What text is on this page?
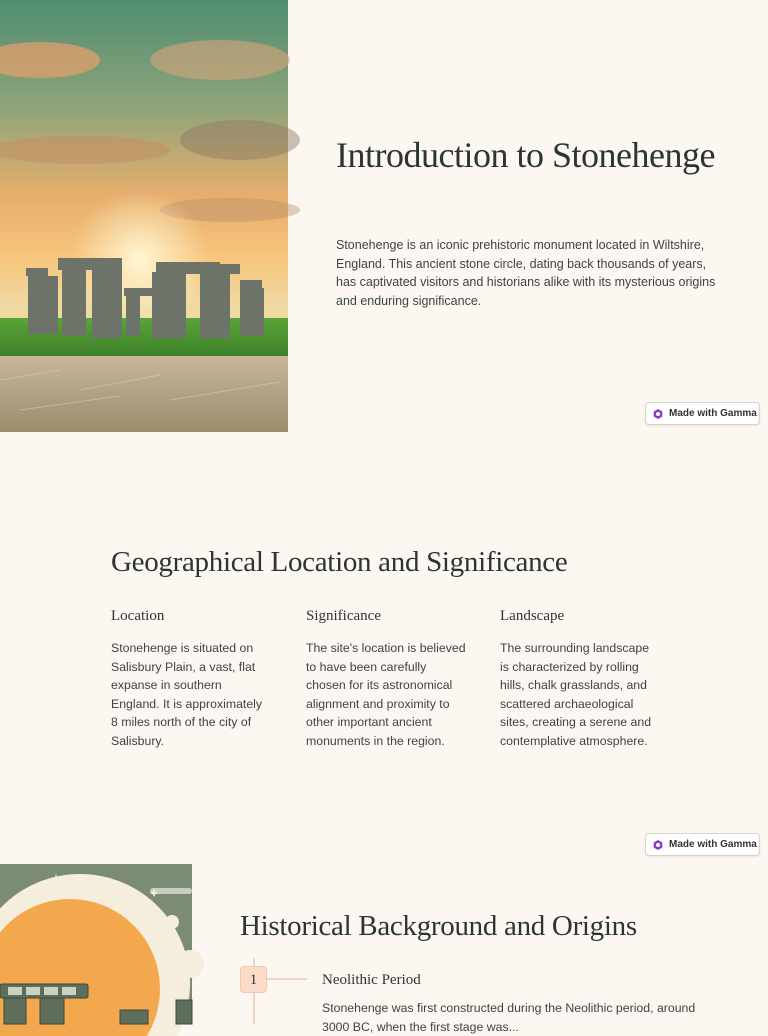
Introduction to Stonehenge

Stonehenge is an iconic prehistoric monument located in Wiltshire, England. This ancient stone circle, dating back thousands of years, has captivated visitors and historians alike with its mysterious origins and enduring significance.

Made with Gamma
Geographical Location and Significance
Location
Stonehenge is situated on Salisbury Plain, a vast, flat expanse in southern England. It is approximately 8 miles north of the city of Salisbury.
Significance
The site's location is believed to have been carefully chosen for its astronomical alignment and proximity to other important ancient monuments in the region.
Landscape
The surrounding landscape is characterized by rolling hills, chalk grasslands, and scattered archaeological sites, creating a serene and contemplative atmosphere.
Made with Gamma
Historical Background and Origins
1	Neolithic Period
Stonehenge was first constructed during the Neolithic period, around 3000 BC, when the first stage was...
